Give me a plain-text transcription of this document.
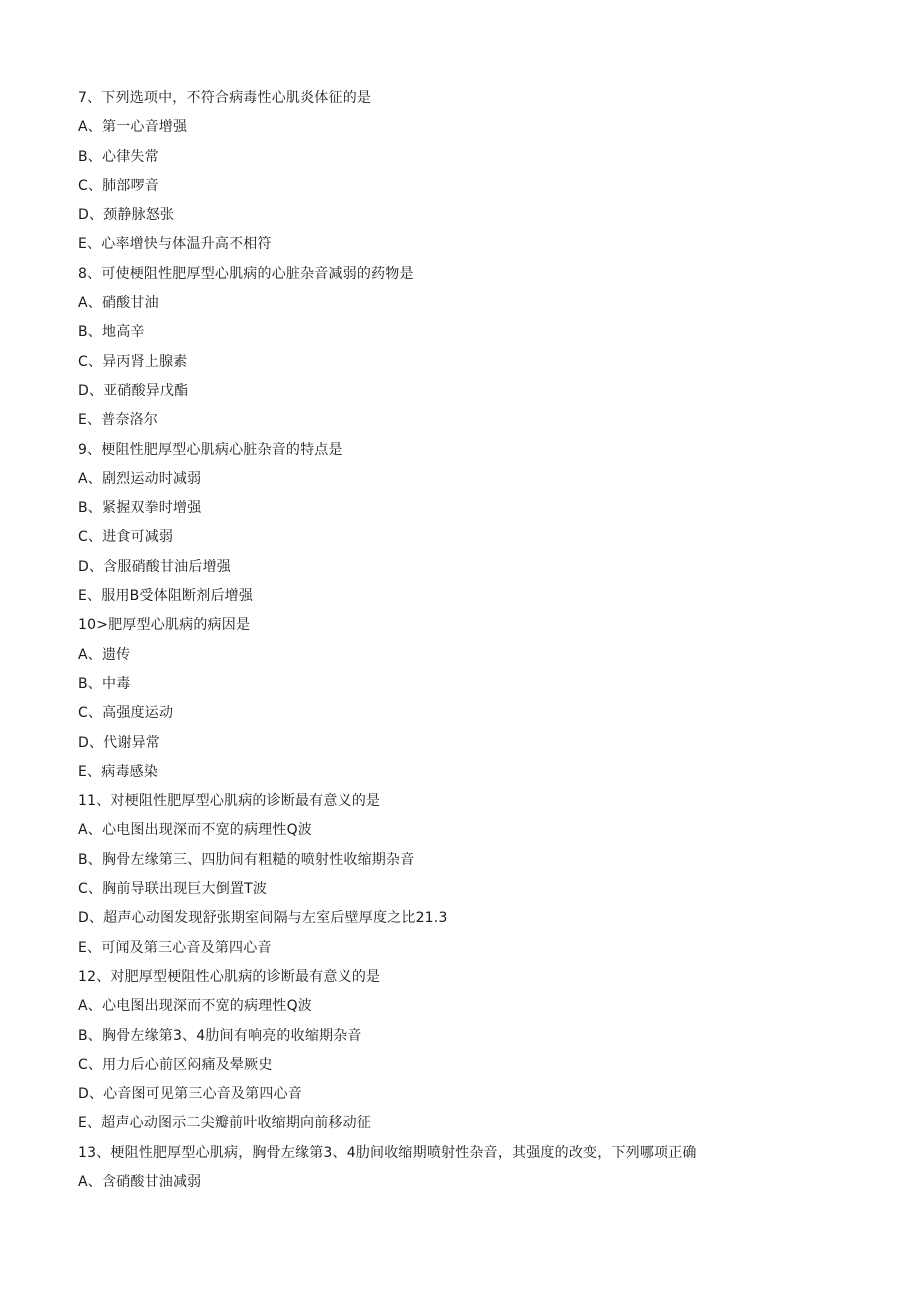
7、下列选项中，不符合病毒性心肌炎体征的是
A、第一心音增强
B、心律失常
C、肺部啰音
D、颈静脉怒张
E、心率增快与体温升高不相符
8、可使梗阻性肥厚型心肌病的心脏杂音减弱的药物是
A、硝酸甘油
B、地高辛
C、异丙肾上腺素
D、亚硝酸异戊酯
E、普奈洛尔
9、梗阻性肥厚型心肌病心脏杂音的特点是
A、剧烈运动时减弱
B、紧握双拳时增强
C、进食可减弱
D、含服硝酸甘油后增强
E、服用B受体阻断剂后增强
10>肥厚型心肌病的病因是
A、遗传
B、中毒
C、高强度运动
D、代谢异常
E、病毒感染
11、对梗阻性肥厚型心肌病的诊断最有意义的是
A、心电图出现深而不宽的病理性Q波
B、胸骨左缘第三、四肋间有粗糙的喷射性收缩期杂音
C、胸前导联出现巨大倒置T波
D、超声心动图发现舒张期室间隔与左室后壁厚度之比21.3
E、可闻及第三心音及第四心音
12、对肥厚型梗阻性心肌病的诊断最有意义的是
A、心电图出现深而不宽的病理性Q波
B、胸骨左缘第3、4肋间有响亮的收缩期杂音
C、用力后心前区闷痛及晕厥史
D、心音图可见第三心音及第四心音
E、超声心动图示二尖瓣前叶收缩期向前移动征
13、梗阻性肥厚型心肌病，胸骨左缘第3、4肋间收缩期喷射性杂音，其强度的改变，下列哪项正确
A、含硝酸甘油减弱
